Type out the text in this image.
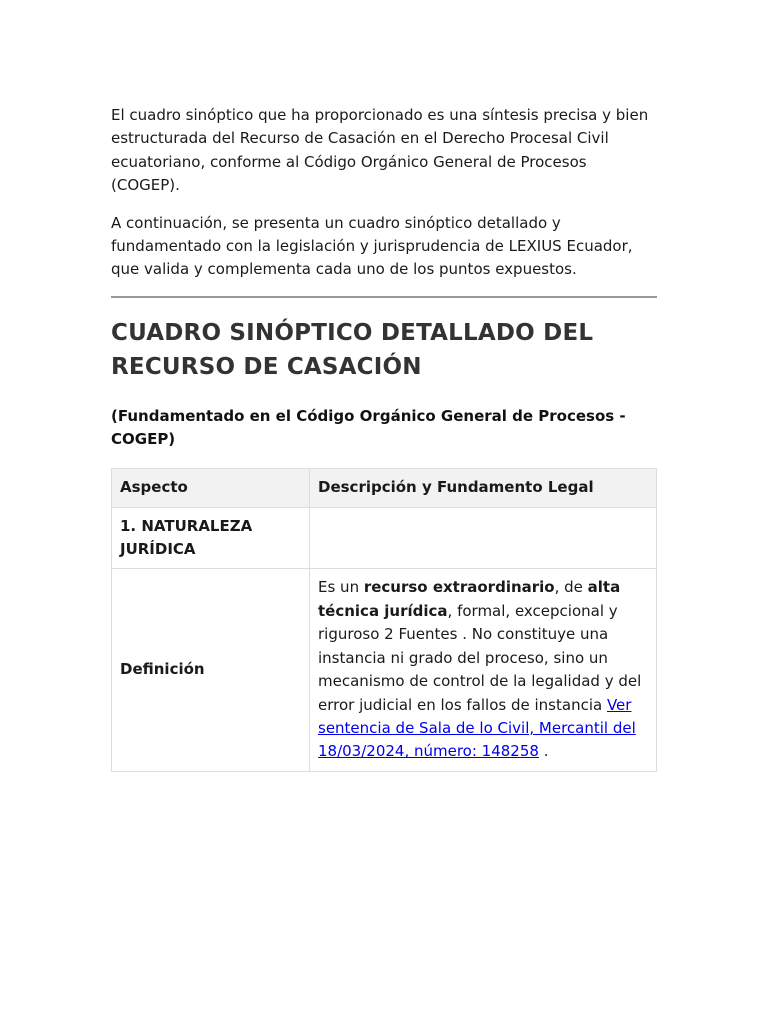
El cuadro sinóptico que ha proporcionado es una síntesis precisa y bien estructurada del Recurso de Casación en el Derecho Procesal Civil ecuatoriano, conforme al Código Orgánico General de Procesos (COGEP).

A continuación, se presenta un cuadro sinóptico detallado y fundamentado con la legislación y jurisprudencia de LEXIUS Ecuador, que valida y complementa cada uno de los puntos expuestos.

CUADRO SINÓPTICO DETALLADO DEL RECURSO DE CASACIÓN
(Fundamentado en el Código Orgánico General de Procesos - COGEP)
Aspecto	Descripción y Fundamento Legal
1. NATURALEZA JURÍDICA	
Definición	Es un recurso extraordinario, de alta técnica jurídica, formal, excepcional y riguroso 2 Fuentes . No constituye una instancia ni grado del proceso, sino un mecanismo de control de la legalidad y del error judicial en los fallos de instancia Ver sentencia de Sala de lo Civil, Mercantil del 18/03/2024, número: 148258 .
